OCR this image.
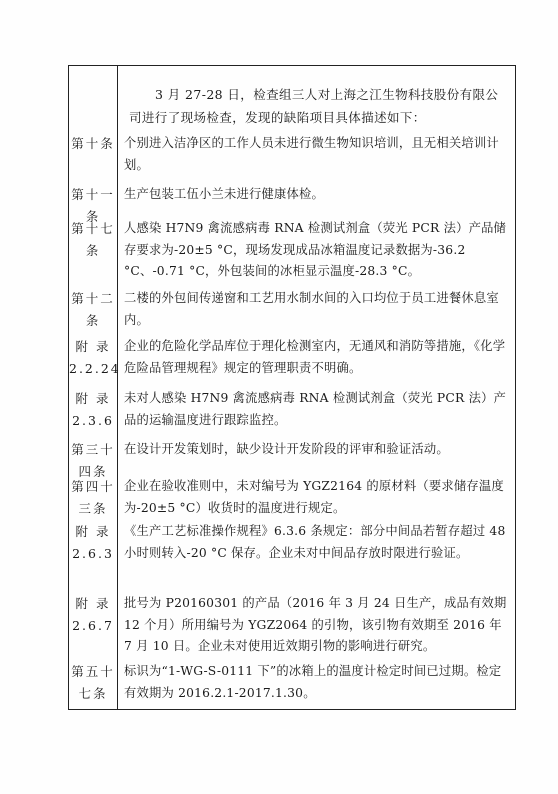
3 月 27-28 日，检查组三人对上海之江生物科技股份有限公司进行了现场检查，发现的缺陷项目具体描述如下：
第十条 个别进入洁净区的工作人员未进行微生物知识培训，且无相关培训计划。
第十一条
生产包装工伍小兰未进行健康体检。
第十七条
人感染 H7N9 禽流感病毒 RNA 检测试剂盒（荧光 PCR 法）产品储存要求为-20±5 °C，现场发现成品冰箱温度记录数据为-36.2 °C、-0.71 °C，外包装间的冰柜显示温度-28.3 °C。
第十二条
二楼的外包间传递窗和工艺用水制水间的入口均位于员工进餐休息室内。
附 录 2.2.24
企业的危险化学品库位于理化检测室内，无通风和消防等措施，《化学危险品管理规程》规定的管理职责不明确。
附 录 2.3.6
未对人感染 H7N9 禽流感病毒 RNA 检测试剂盒（荧光 PCR 法）产品的运输温度进行跟踪监控。
第三十四条
在设计开发策划时，缺少设计开发阶段的评审和验证活动。
第四十三条
企业在验收准则中，未对编号为 YGZ2164 的原材料（要求储存温度为-20±5 °C）收货时的温度进行规定。
附 录 2.6.3
《生产工艺标准操作规程》6.3.6 条规定：部分中间品若暂存超过 48 小时则转入-20 °C 保存。企业未对中间品存放时限进行验证。
附 录 2.6.7
批号为 P20160301 的产品（2016 年 3 月 24 日生产，成品有效期 12 个月）所用编号为 YGZ2064 的引物，该引物有效期至 2016 年 7 月 10 日。企业未对使用近效期引物的影响进行研究。
第五十七条
标识为“1-WG-S-0111 下”的冰箱上的温度计检定时间已过期。检定有效期为 2016.2.1-2017.1.30。
